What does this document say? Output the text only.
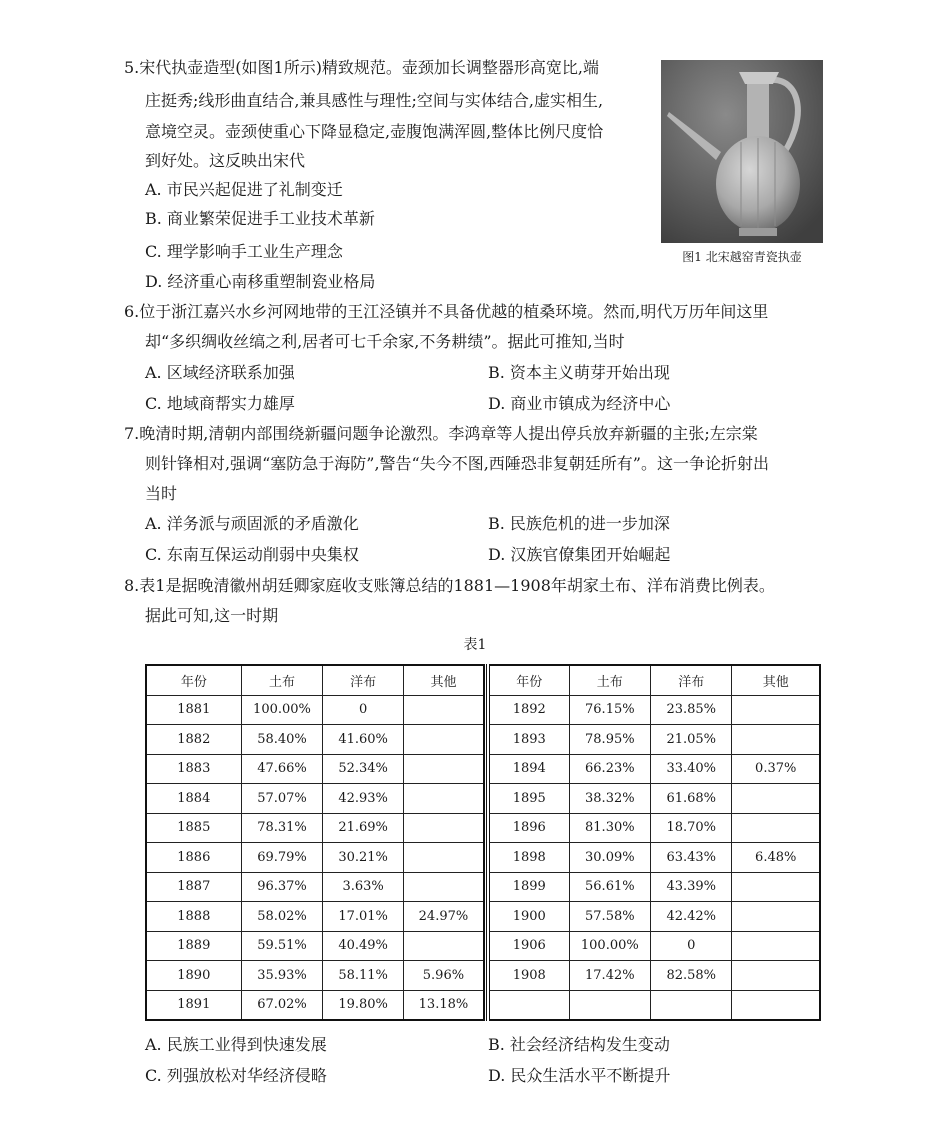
5.宋代执壶造型(如图1所示)精致规范。壶颈加长调整器形高宽比,端
庄挺秀;线形曲直结合,兼具感性与理性;空间与实体结合,虚实相生,
意境空灵。壶颈使重心下降显稳定,壶腹饱满浑圆,整体比例尺度恰
到好处。这反映出宋代
A. 市民兴起促进了礼制变迁
B. 商业繁荣促进手工业技术革新
C. 理学影响手工业生产理念
D. 经济重心南移重塑制瓷业格局
图1 北宋越窑青瓷执壶
6.位于浙江嘉兴水乡河网地带的王江泾镇并不具备优越的植桑环境。然而,明代万历年间这里
却“多织绸收丝缟之利,居者可七千余家,不务耕绩”。据此可推知,当时
A. 区域经济联系加强	B. 资本主义萌芽开始出现
C. 地域商帮实力雄厚	D. 商业市镇成为经济中心
7.晚清时期,清朝内部围绕新疆问题争论激烈。李鸿章等人提出停兵放弃新疆的主张;左宗棠
则针锋相对,强调“塞防急于海防”,警告“失今不图,西陲恐非复朝廷所有”。这一争论折射出
当时
A. 洋务派与顽固派的矛盾激化	B. 民族危机的进一步加深
C. 东南互保运动削弱中央集权	D. 汉族官僚集团开始崛起
8.表1是据晚清徽州胡廷卿家庭收支账簿总结的1881—1908年胡家土布、洋布消费比例表。
据此可知,这一时期
表1
年份	土布	洋布	其他
1881	100.00%	0	
1882	58.40%	41.60%	
1883	47.66%	52.34%	
1884	57.07%	42.93%	
1885	78.31%	21.69%	
1886	69.79%	30.21%	
1887	96.37%	3.63%	
1888	58.02%	17.01%	24.97%
1889	59.51%	40.49%	
1890	35.93%	58.11%	5.96%
1891	67.02%	19.80%	13.18%
年份	土布	洋布	其他
1892	76.15%	23.85%	
1893	78.95%	21.05%	
1894	66.23%	33.40%	0.37%
1895	38.32%	61.68%	
1896	81.30%	18.70%	
1898	30.09%	63.43%	6.48%
1899	56.61%	43.39%	
1900	57.58%	42.42%	
1906	100.00%	0	
1908	17.42%	82.58%	

A. 民族工业得到快速发展	B. 社会经济结构发生变动
C. 列强放松对华经济侵略	D. 民众生活水平不断提升
